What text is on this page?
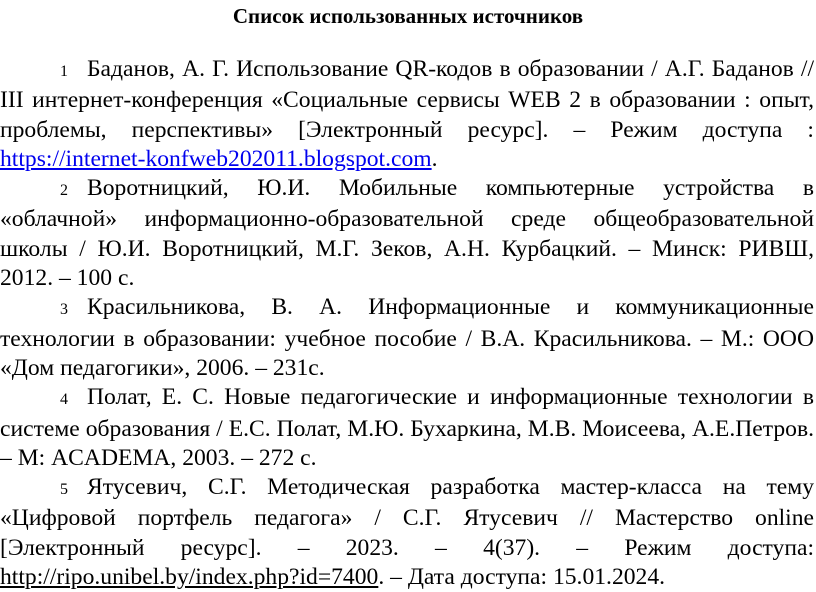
Список использованных источников
1 Баданов, А. Г. Использование QR-кодов в образовании / А.Г. Баданов // III интернет-конференция «Социальные сервисы WEB 2 в образовании : опыт, проблемы, перспективы» [Электронный ресурс]. – Режим доступа : https://internet-konfweb202011.blogspot.com.
2 Воротницкий, Ю.И. Мобильные компьютерные устройства в «облачной» информационно-образовательной среде общеобразовательной школы / Ю.И. Воротницкий, М.Г. Зеков, А.Н. Курбацкий. – Минск: РИВШ, 2012. – 100 с.
3 Красильникова, В. А. Информационные и коммуникационные технологии в образовании: учебное пособие / В.А. Красильникова. – М.: ООО «Дом педагогики», 2006. – 231с.
4 Полат, Е. С. Новые педагогические и информационные технологии в системе образования / Е.С. Полат, М.Ю. Бухаркина, М.В. Моисеева, А.Е.Петров. – М: ACADEMA, 2003. – 272 с.
5 Ятусевич, С.Г. Методическая разработка мастер-класса на тему «Цифровой портфель педагога» / С.Г. Ятусевич // Мастерство online [Электронный ресурс]. – 2023. – 4(37). – Режим доступа: http://ripo.unibel.by/index.php?id=7400. – Дата доступа: 15.01.2024.
